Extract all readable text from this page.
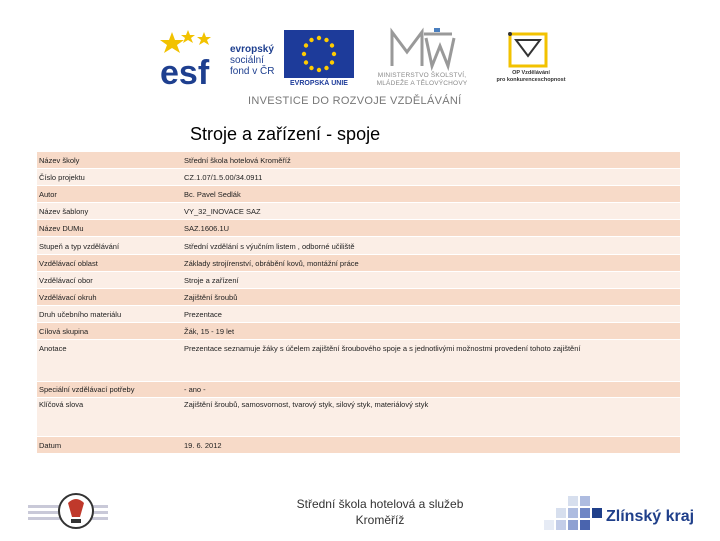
esf
evropský
sociální
fond v ČR
EVROPSKÁ UNIE
MINISTERSTVO ŠKOLSTVÍ,
MLÁDEŽE A TĚLOVÝCHOVY
OP Vzdělávání
pro konkurenceschopnost
INVESTICE DO ROZVOJE VZDĚLÁVÁNÍ
Stroje a zařízení - spoje
Název školy	Střední škola hotelová Kroměříž
Číslo projektu	CZ.1.07/1.5.00/34.0911
Autor	Bc. Pavel Sedlák
Název šablony	VY_32_INOVACE SAZ
Název DUMu	SAZ.1606.1U
Stupeň a typ vzdělávání	Střední vzdělání s výučním listem , odborné učiliště
Vzdělávací oblast	Základy strojírenství, obrábění kovů, montážní práce
Vzdělávací obor	Stroje a zařízení
Vzdělávací okruh	Zajištění šroubů
Druh učebního materiálu	Prezentace
Cílová skupina	Žák, 15 - 19 let
Anotace	Prezentace seznamuje žáky s účelem zajištění šroubového spoje a s jednotlivými možnostmi provedení tohoto zajištění
Speciální vzdělávací potřeby	- ano -
Klíčová slova	Zajištění šroubů, samosvornost, tvarový styk, silový styk, materiálový styk
Datum	19. 6. 2012
Střední škola hotelová a služeb
Kroměříž	Zlínský kraj
